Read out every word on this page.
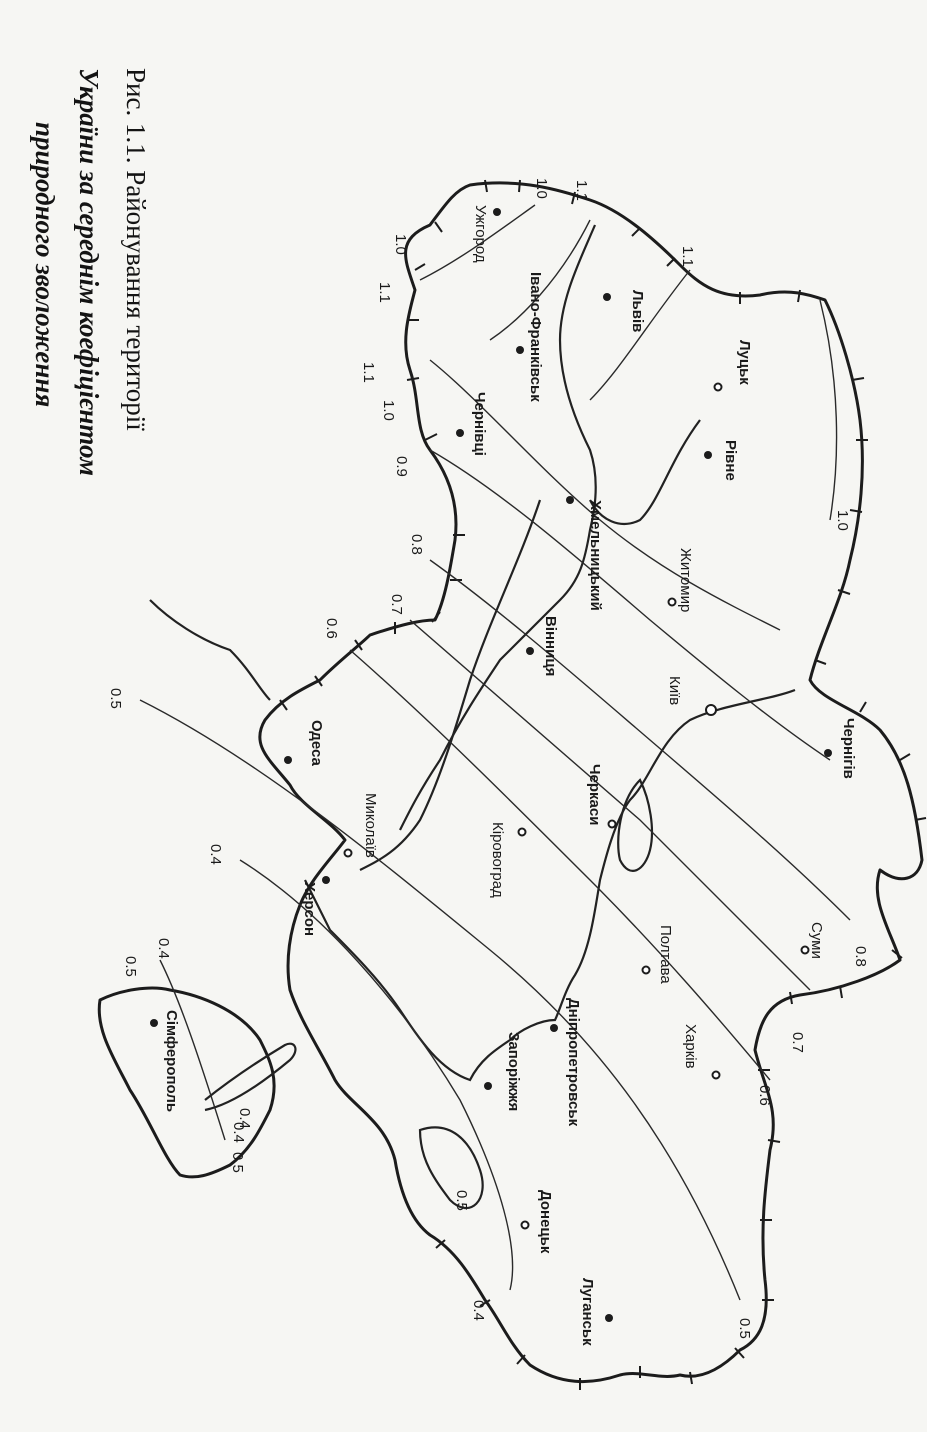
Ужгород
Львів
Луцьк
Рівне
Івано-Франківськ
Чернівці
Хмельницький	Житомир
Вінниця
Київ
Чернігів
Черкаси
Одеса
Миколаїв	Кіровоград
Полтава	Суми
Херсон
Дніпропетровськ	Харків
Запоріжжя
Сімферополь
Донецьк
Луганськ
1.0 1.1
1.1
1.0
1.1
1.1
1.0
0.9
0.8
0.7
0.6
0.5
1.0
0.8
0.7
0.6
0.5
0.4
0.4
0.5
0.4
0.4
0.5
0.5
0.4
Рис. 1.1. Районування території
України за середнім коефіцієнтом
природного зволоження
